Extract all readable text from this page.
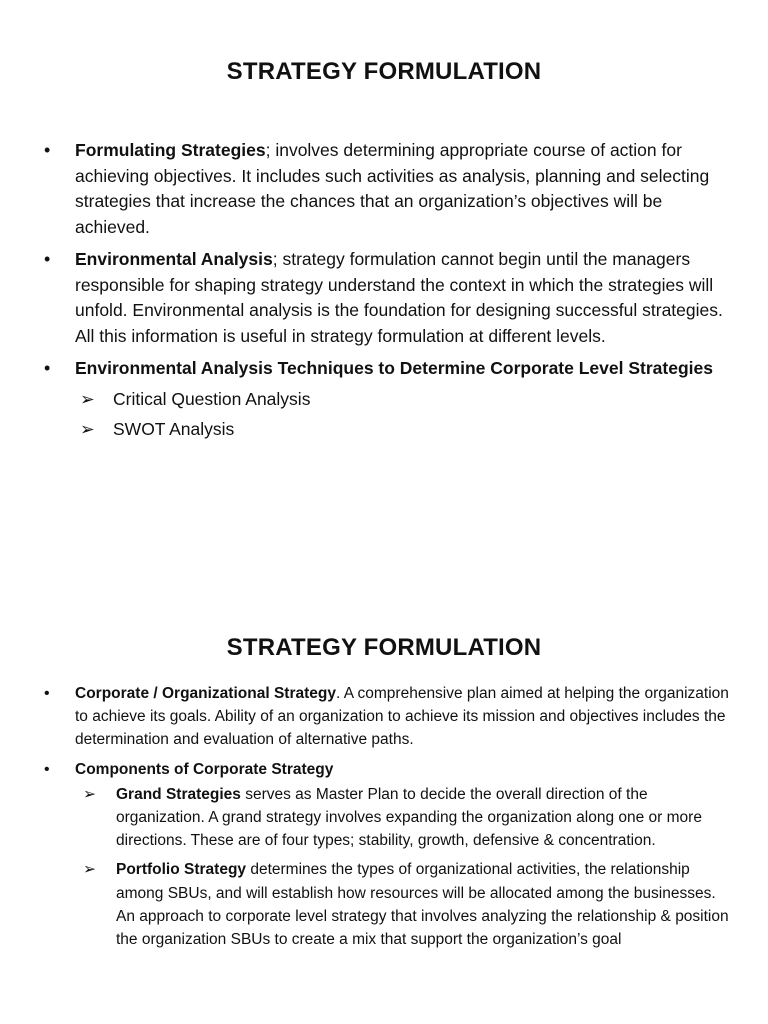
STRATEGY FORMULATION
• Formulating Strategies; involves determining appropriate course of action for achieving objectives. It includes such activities as analysis, planning and selecting strategies that increase the chances that an organization’s objectives will be achieved.
• Environmental Analysis; strategy formulation cannot begin until the managers responsible for shaping strategy understand the context in which the strategies will unfold. Environmental analysis is the foundation for designing successful strategies. All this information is useful in strategy formulation at different levels.
• Environmental Analysis Techniques to Determine Corporate Level Strategies
➢ Critical Question Analysis
➢ SWOT Analysis
STRATEGY FORMULATION
• Corporate / Organizational Strategy. A comprehensive plan aimed at helping the organization to achieve its goals. Ability of an organization to achieve its mission and objectives includes the determination and evaluation of alternative paths.
• Components of Corporate Strategy
➢ Grand Strategies serves as Master Plan to decide the overall direction of the organization. A grand strategy involves expanding the organization along one or more directions. These are of four types; stability, growth, defensive & concentration.
➢ Portfolio Strategy determines the types of organizational activities, the relationship among SBUs, and will establish how resources will be allocated among the businesses. An approach to corporate level strategy that involves analyzing the relationship & position the organization SBUs to create a mix that support the organization’s goal
